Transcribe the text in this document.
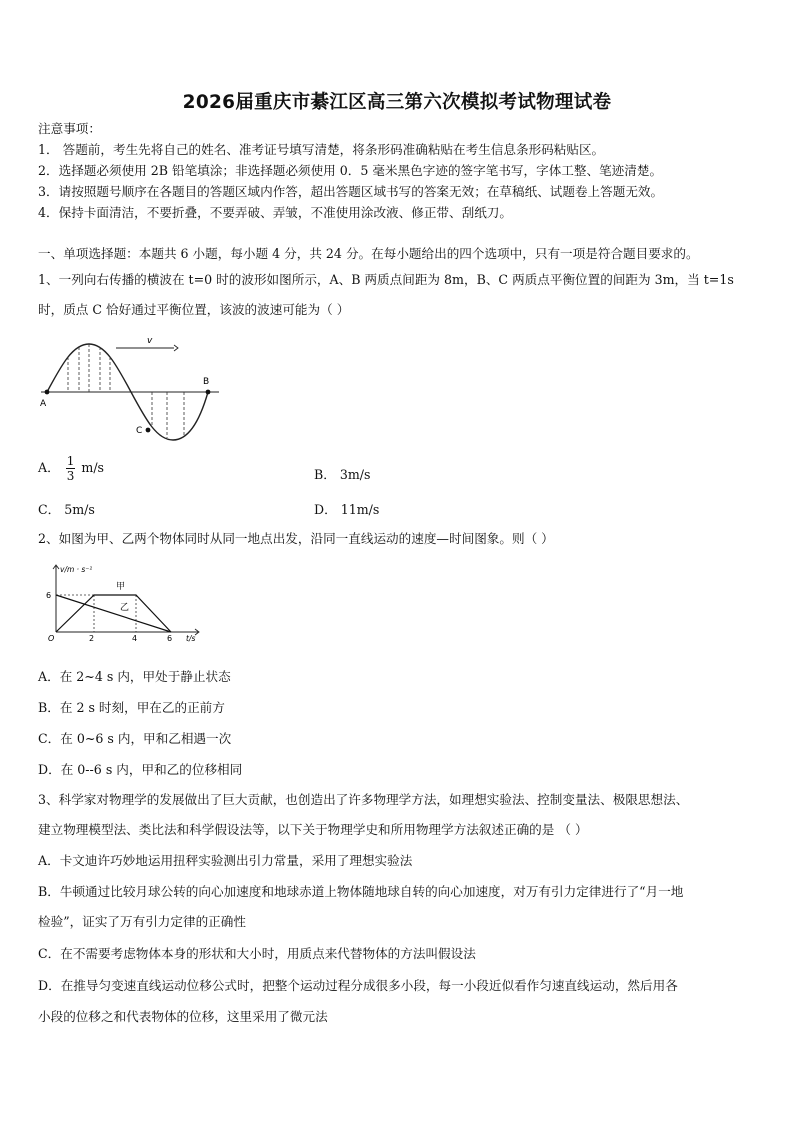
2026届重庆市綦江区高三第六次模拟考试物理试卷
注意事项：
1． 答题前，考生先将自己的姓名、准考证号填写清楚，将条形码准确粘贴在考生信息条形码粘贴区。
2．选择题必须使用 2B 铅笔填涂；非选择题必须使用 0．5 毫米黑色字迹的签字笔书写，字体工整、笔迹清楚。
3．请按照题号顺序在各题目的答题区域内作答，超出答题区域书写的答案无效；在草稿纸、试题卷上答题无效。
4．保持卡面清洁，不要折叠，不要弄破、弄皱，不准使用涂改液、修正带、刮纸刀。
一、单项选择题：本题共 6 小题，每小题 4 分，共 24 分。在每小题给出的四个选项中，只有一项是符合题目要求的。
1、一列向右传播的横波在 t=0 时的波形如图所示，A、B 两质点间距为 8m，B、C 两质点平衡位置的间距为 3m，当 t=1s
时，质点 C 恰好通过平衡位置，该波的波速可能为（ ）
v
A
B
C
A． $\frac{1}{3} m/s$	B． 3m/s
C． 5m/s	D． 11m/s
2、如图为甲、乙两个物体同时从同一地点出发，沿同一直线运动的速度—时间图象。则（ ）
v/m · s⁻¹
t/s
O
6
2	4	6
甲
乙
A．在 2~4 s 内，甲处于静止状态
B．在 2 s 时刻，甲在乙的正前方
C．在 0~6 s 内，甲和乙相遇一次
D．在 0--6 s 内，甲和乙的位移相同
3、科学家对物理学的发展做出了巨大贡献，也创造出了许多物理学方法，如理想实验法、控制变量法、极限思想法、
建立物理模型法、类比法和科学假设法等，以下关于物理学史和所用物理学方法叙述正确的是 （ ）
A．卡文迪许巧妙地运用扭秤实验测出引力常量，采用了理想实验法
B．牛顿通过比较月球公转的向心加速度和地球赤道上物体随地球自转的向心加速度，对万有引力定律进行了“月一地
检验”，证实了万有引力定律的正确性
C．在不需要考虑物体本身的形状和大小时，用质点来代替物体的方法叫假设法
D．在推导匀变速直线运动位移公式时，把整个运动过程分成很多小段，每一小段近似看作匀速直线运动，然后用各
小段的位移之和代表物体的位移，这里采用了微元法
